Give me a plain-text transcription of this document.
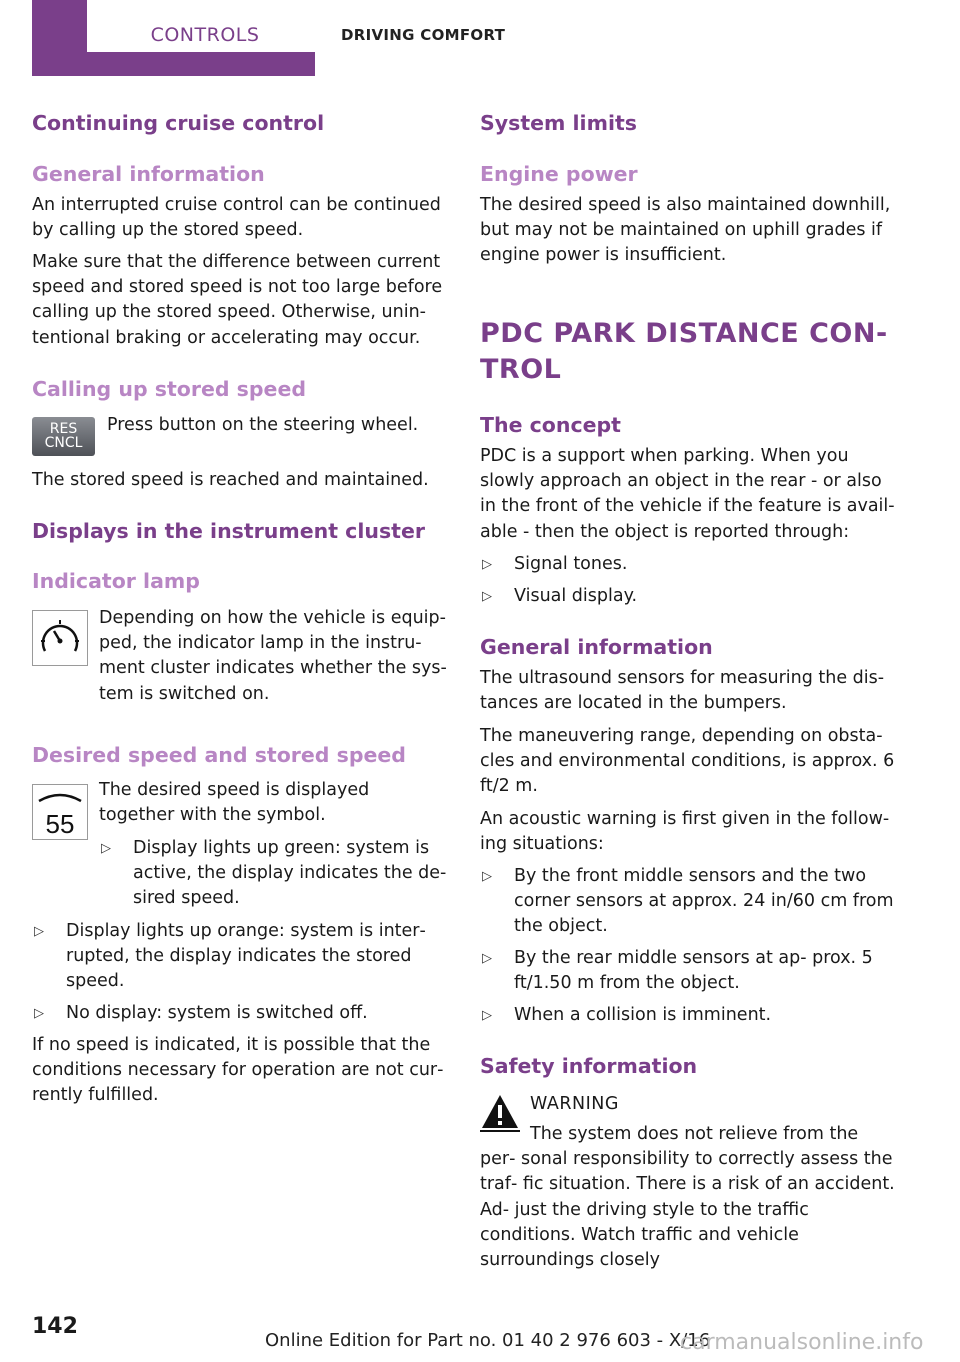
CONTROLS	DRIVING COMFORT
Continuing cruise control
General information

An interrupted cruise control can be continued by calling up the stored speed.

Make sure that the difference between current speed and stored speed is not too large before calling up the stored speed. Otherwise, unin‐ tentional braking or accelerating may occur.

Calling up stored speed
RES
CNCL

Press button on the steering wheel.

The stored speed is reached and maintained.

Displays in the instrument cluster
Indicator lamp

Depending on how the vehicle is equip‐ ped, the indicator lamp in the instru‐ ment cluster indicates whether the sys‐ tem is switched on.

Desired speed and stored speed
55

The desired speed is displayed together with the symbol.

▷ Display lights up green: system is active, the display indicates the de‐ sired speed.
▷ Display lights up orange: system is inter‐ rupted, the display indicates the stored speed.
▷ No display: system is switched off.

If no speed is indicated, it is possible that the conditions necessary for operation are not cur‐ rently fulfilled.

System limits
Engine power

The desired speed is also maintained downhill, but may not be maintained on uphill grades if engine power is insufficient.

PDC PARK DISTANCE CON‐
TROL
The concept

PDC is a support when parking. When you slowly approach an object in the rear - or also in the front of the vehicle if the feature is avail‐ able - then the object is reported through:

▷ Signal tones.
▷ Visual display.
General information

The ultrasound sensors for measuring the dis‐ tances are located in the bumpers.

The maneuvering range, depending on obsta‐ cles and environmental conditions, is approx. 6 ft/2 m.

An acoustic warning is first given in the follow‐ ing situations:

▷ By the front middle sensors and the two corner sensors at approx. 24 in/60 cm from the object.
▷ By the rear middle sensors at ap‐ prox. 5 ft/1.50 m from the object.
▷ When a collision is imminent.
Safety information

WARNING

The system does not relieve from the per‐ sonal responsibility to correctly assess the traf‐ fic situation. There is a risk of an accident. Ad‐ just the driving style to the traffic conditions. Watch traffic and vehicle surroundings closely

142
Online Edition for Part no. 01 40 2 976 603 - X/16
carmanualsonline.info
